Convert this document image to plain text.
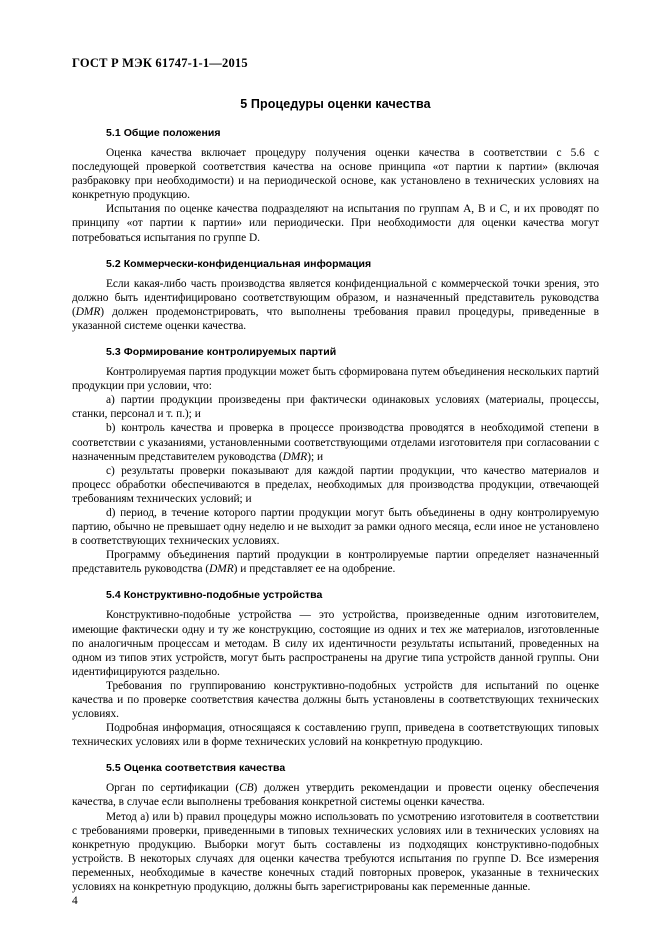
ГОСТ Р МЭК 61747-1-1—2015
5 Процедуры оценки качества
5.1 Общие положения

Оценка качества включает процедуру получения оценки качества в соответствии с 5.6 с последующей проверкой соответствия качества на основе принципа «от партии к партии» (включая разбраковку при необходимости) и на периодической основе, как установлено в технических условиях на конкретную продукцию.

Испытания по оценке качества подразделяют на испытания по группам А, В и С, и их проводят по принципу «от партии к партии» или периодически. При необходимости для оценки качества могут потребоваться испытания по группе D.

5.2 Коммерчески-конфиденциальная информация

Если какая-либо часть производства является конфиденциальной с коммерческой точки зрения, это должно быть идентифицировано соответствующим образом, и назначенный представитель руководства (DMR) должен продемонстрировать, что выполнены требования правил процедуры, приведенные в указанной системе оценки качества.

5.3 Формирование контролируемых партий

Контролируемая партия продукции может быть сформирована путем объединения нескольких партий продукции при условии, что:

a) партии продукции произведены при фактически одинаковых условиях (материалы, процессы, станки, персонал и т. п.); и

b) контроль качества и проверка в процессе производства проводятся в необходимой степени в соответствии с указаниями, установленными соответствующими отделами изготовителя при согласовании с назначенным представителем руководства (DMR); и

c) результаты проверки показывают для каждой партии продукции, что качество материалов и процесс обработки обеспечиваются в пределах, необходимых для производства продукции, отвечающей требованиям технических условий; и

d) период, в течение которого партии продукции могут быть объединены в одну контролируемую партию, обычно не превышает одну неделю и не выходит за рамки одного месяца, если иное не установлено в соответствующих технических условиях.

Программу объединения партий продукции в контролируемые партии определяет назначенный представитель руководства (DMR) и представляет ее на одобрение.

5.4 Конструктивно-подобные устройства

Конструктивно-подобные устройства — это устройства, произведенные одним изготовителем, имеющие фактически одну и ту же конструкцию, состоящие из одних и тех же материалов, изготовленные по аналогичным процессам и методам. В силу их идентичности результаты испытаний, проведенных на одном из типов этих устройств, могут быть распространены на другие типа устройств данной группы. Они идентифицируются раздельно.

Требования по группированию конструктивно-подобных устройств для испытаний по оценке качества и по проверке соответствия качества должны быть установлены в соответствующих технических условиях.

Подробная информация, относящаяся к составлению групп, приведена в соответствующих типовых технических условиях или в форме технических условий на конкретную продукцию.

5.5 Оценка соответствия качества

Орган по сертификации (CB) должен утвердить рекомендации и провести оценку обеспечения качества, в случае если выполнены требования конкретной системы оценки качества.

Метод a) или b) правил процедуры можно использовать по усмотрению изготовителя в соответствии с требованиями проверки, приведенными в типовых технических условиях или в технических условиях на конкретную продукцию. Выборки могут быть составлены из подходящих конструктивно-подобных устройств. В некоторых случаях для оценки качества требуются испытания по группе D. Все измерения переменных, необходимые в качестве конечных стадий повторных проверок, указанные в технических условиях на конкретную продукцию, должны быть зарегистрированы как переменные данные.

4
